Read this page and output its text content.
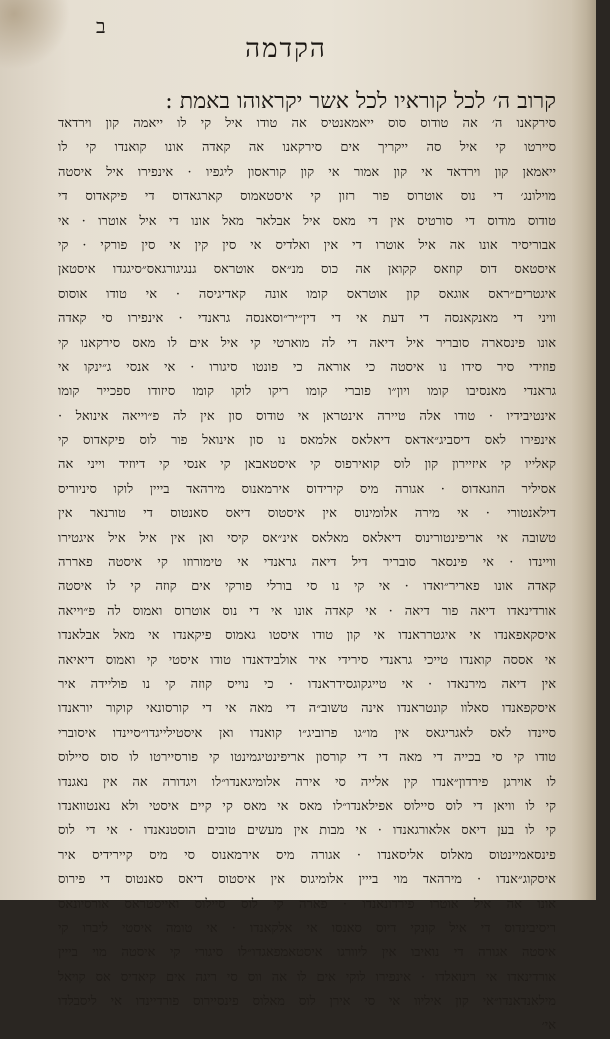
ב
הקדמה
קרוב ה׳ לכל קוראיו לכל אשר יקראוהו באמת :
סירקאנו ה׳ אה טודוס סוס ייאמאנטיס אה טודו איל קי לו ייאמה קון וירדאד
סיירטו קי איל סה ייקריך אים סירקאנו אה קאדה אונו קואנדו קי לו
ייאמאן קון וירדאד אי קון אמור אי קון קוראסון ליגפיו · אינפירו איל איסטה
מוילונג׳ די נוס אוטרוס פור רזון קי איסטאמוס קארגאדוס די פיקאדוס די
טודוס מודוס די סורטיס אין די מאס איל אבלאר מאל אונו די איל אוטרו · אי
אבוריסיר אונו אה איל אוטרו די אין ואלדיס אי סין קין אי סין פורקי · קי
איסטאס דוס קוזאס קקואן אה כוס מנ״אס אוטראס גנגיגורגאס״סיגגדו איסטאן
איגטרים״ראס אוגאס קון אוטראס קומו אונה קאדיגיסה · אי טודו אוסוס
וויני די מאנקאנסה די דעת אי די דין״יר״וסאנסה גראנדי · אינפירו סי קאדה
אונו פינסארה סובריר איל דיאה די לה מוארטי קי איל אים לו מאס סירקאנו קי
פוזידי סיר סידו נו איסטה כי אוראה כי פונטו סיגורו · אי אנסי ג״ינקו אי
גראנדי מאנסיבו קומו ויון״ו פוברי קומו ריקו לוקו קומו סיזודו ספכייר קומו
אינטיבידיו · טודו אלה טיירה אינטראן אי טודוס סון אין לה פ״וייאה אינואל ·
אינפירו לאס דיסביג״אדאס דיאלאס אלמאס נו סון אינואל פור לוס פיקאדוס קי
קאלייו קי איזיירון קון לוס קואירפוס קי איסטאבאן קי אנסי קי דיוזיד וייני אה
אסיליר הוזגאדוס · אגורה מיס קירידוס אירמאנוס מירהאד בייין לוקו סיניוריס
דילאנטורי · אי מירה אלומינוס אין איסטוס דיאס סאנטוס די טורנאר אין
טשובה אי אריפינטורינוס דיאלאס מאלאס אינ״אס קיסי ואן אין איל איל איגטירו
וויינדו · אי פינסאר סובריר דיל דיאה גראנדי אי טימורוזו קי איסטה פאררה
קאדה אונו פאריר״ואדו · אי קי נו סי בורלי פורקי אים קוזה קי לו איסטה
אורדינאדו דיאה פור דיאה · אי קאדה אונו אי די נוס אוטרוס ואמוס לה פ״וייאה
איסקאפאנדו אי איגטרראנדו אי קון טודו איסטו גאמוס פיקאנדו אי מאל אבלאנדו
אי אססה קואנדו טייכי גראנדי סירידי איר אולבידאנדו טודו איסטי קי ואמוס דיאיאה
אין דיאה מירנאדו · אי טייגקוגסידראנדו · כי נוייס קוזה קי נו פוליידה איר
איסקפאנדו סאלוו קונטראנדו אינה טשוב״ה די מאה אי די קורסונאי קוקור יוראנדו
סיינדו לאס לאגריגאס אין מו״גו פרוביג״ו קואנדו ואן איסטילייגדו״סיינדו איסוברי
טודו קי סי בכייה די מאה די די קורסון אריפינטיגמינטו קי פורסיירטו לו סוס סיילוס
לו אוירגן פירדון״אנדו קין אלייה סי אירה אלומיגאנדו״לו ויגדורה אה אין נאגנדו
קי לו וויאן די לוס סיילוס אפילאנדו״לו מאס אי מאס קי קיים איסטי ולא נאנטוואנדו
קי לו בען דיאס אלאורגאנדו · אי מבות אין מעשים טובים הוסטנאנדו · אי די לוס
פינסאמיינטוס מאלוס אליסאנדו · אגורה מיס אירמאנוס סי מיס קיירידיס איר
איסקוג״אנדו · מירהאד מוי בייין אלומיגוס אין איסטוס דיאס סאנטוס די פירוס
אונו אה איל אוטרו פירדונאנדו · פארה קי לוס סיילוס ואייסטראס אורסיונאס
ריסיבינדוס די איל קונקי דיוס סאנסו אי אלקאנדו · אי טומה איסטי ליברו קי
איסטה אגורה די נואיבו אין ליוורגו איסטאמפאגדו״לו סיגורי קי איסטה מוי בייין
אורדינאדו אי רינואלדו · אינפירו לוקי אים לו אה ווס סי ריגה אים קיאדיס אס קויאל
מילאנדאנדו״אי קון איליוו אי סי אירן לוס מאלוס פינסיירוס פורדיינדו אי ליסבלדו
אי׳
